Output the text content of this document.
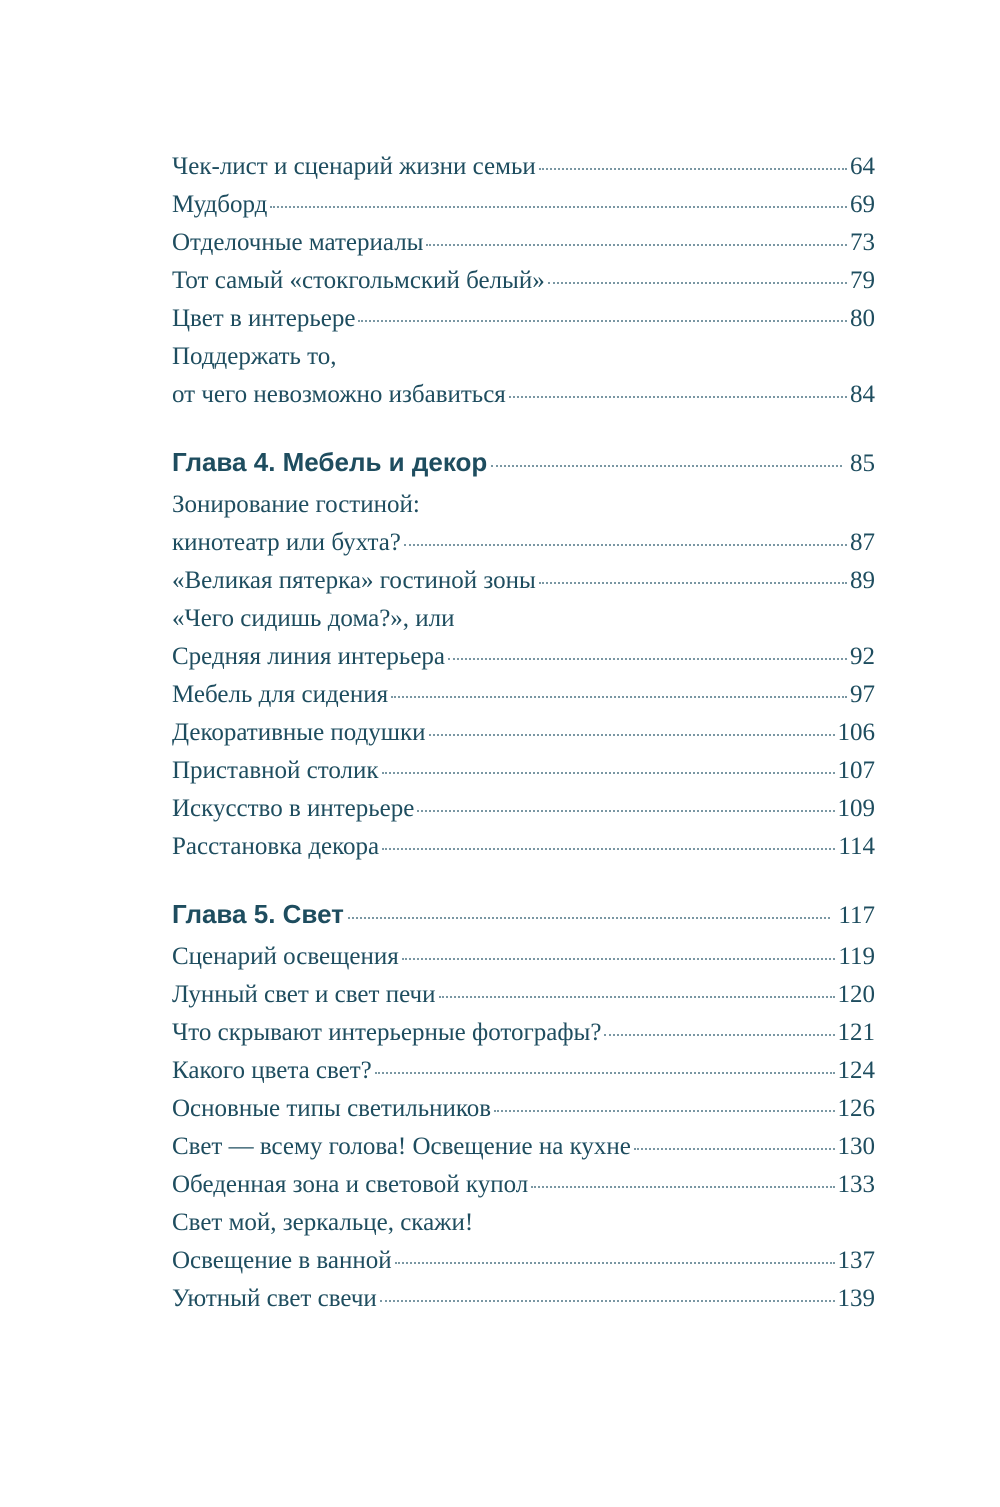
Чек-лист и сценарий жизни семьи	64
Мудборд	69
Отделочные материалы	73
Тот самый «стокгольмский белый»	79
Цвет в интерьере	80
Поддержать то,
от чего невозможно избавиться	84
Глава 4. Мебель и декор	85
Зонирование гостиной:
кинотеатр или бухта?	87
«Великая пятерка» гостиной зоны	89
«Чего сидишь дома?», или
Средняя линия интерьера	92
Мебель для сидения	97
Декоративные подушки	106
Приставной столик	107
Искусство в интерьере	109
Расстановка декора	114
Глава 5. Свет	117
Сценарий освещения	119
Лунный свет и свет печи	120
Что скрывают интерьерные фотографы?	121
Какого цвета свет?	124
Основные типы светильников	126
Свет — всему голова! Освещение на кухне	130
Обеденная зона и световой купол	133
Свет мой, зеркальце, скажи!
Освещение в ванной	137
Уютный свет свечи	139
